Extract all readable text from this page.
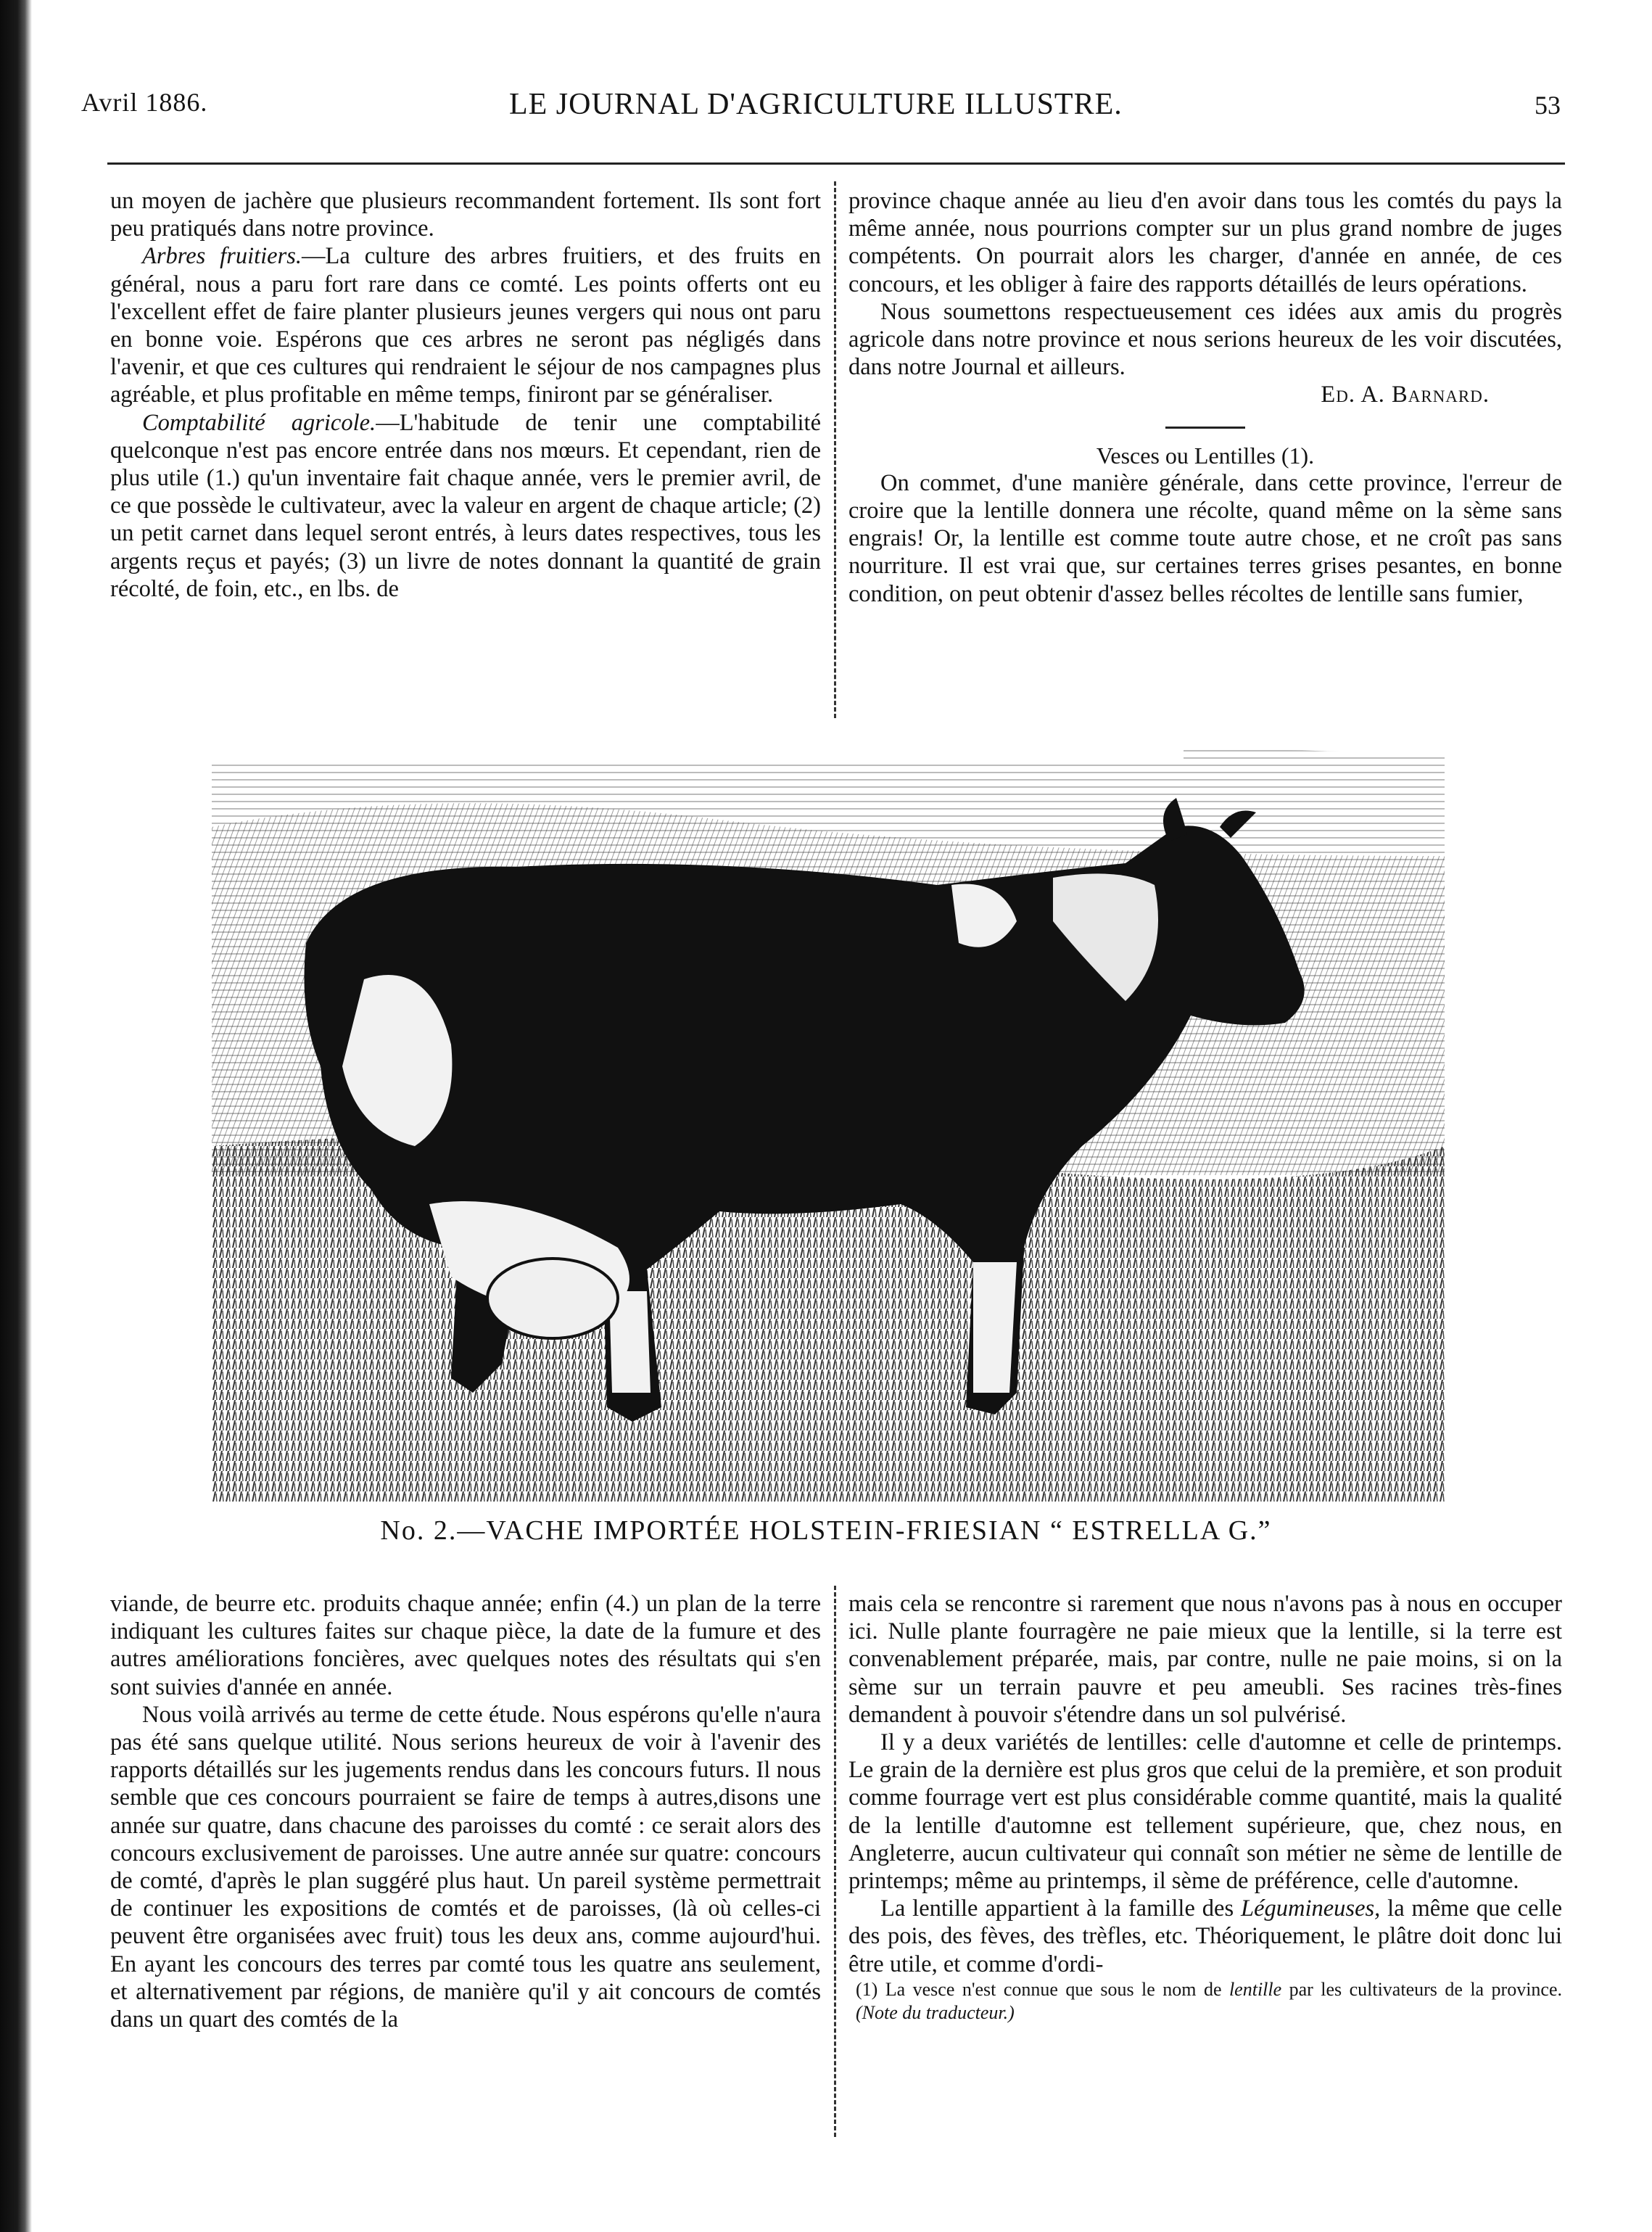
Avril 1886.	LE JOURNAL D'AGRICULTURE ILLUSTRE.	53

un moyen de jachère que plusieurs recommandent fortement. Ils sont fort peu pratiqués dans notre province.

Arbres fruitiers.—La culture des arbres fruitiers, et des fruits en général, nous a paru fort rare dans ce comté. Les points offerts ont eu l'excellent effet de faire planter plusieurs jeunes vergers qui nous ont paru en bonne voie. Espérons que ces arbres ne seront pas négligés dans l'avenir, et que ces cultures qui rendraient le séjour de nos campagnes plus agréable, et plus profitable en même temps, finiront par se généraliser.

Comptabilité agricole.—L'habitude de tenir une comptabilité quelconque n'est pas encore entrée dans nos mœurs. Et cependant, rien de plus utile (1.) qu'un inventaire fait chaque année, vers le premier avril, de ce que possède le cultivateur, avec la valeur en argent de chaque article; (2) un petit carnet dans lequel seront entrés, à leurs dates respectives, tous les argents reçus et payés; (3) un livre de notes donnant la quantité de grain récolté, de foin, etc., en lbs. de

province chaque année au lieu d'en avoir dans tous les comtés du pays la même année, nous pourrions compter sur un plus grand nombre de juges compétents. On pourrait alors les charger, d'année en année, de ces concours, et les obliger à faire des rapports détaillés de leurs opérations.

Nous soumettons respectueusement ces idées aux amis du progrès agricole dans notre province et nous serions heureux de les voir discutées, dans notre Journal et ailleurs.

Ed. A. Barnard.

Vesces ou Lentilles (1).

On commet, d'une manière générale, dans cette province, l'erreur de croire que la lentille donnera une récolte, quand même on la sème sans engrais! Or, la lentille est comme toute autre chose, et ne croît pas sans nourriture. Il est vrai que, sur certaines terres grises pesantes, en bonne condition, on peut obtenir d'assez belles récoltes de lentille sans fumier,

No. 2.—VACHE IMPORTÉE HOLSTEIN-FRIESIAN “ ESTRELLA G.”

viande, de beurre etc. produits chaque année; enfin (4.) un plan de la terre indiquant les cultures faites sur chaque pièce, la date de la fumure et des autres améliorations foncières, avec quelques notes des résultats qui s'en sont suivies d'année en année.

Nous voilà arrivés au terme de cette étude. Nous espérons qu'elle n'aura pas été sans quelque utilité. Nous serions heureux de voir à l'avenir des rapports détaillés sur les jugements rendus dans les concours futurs. Il nous semble que ces concours pourraient se faire de temps à autres,disons une année sur quatre, dans chacune des paroisses du comté : ce serait alors des concours exclusivement de paroisses. Une autre année sur quatre: concours de comté, d'après le plan suggéré plus haut. Un pareil système permettrait de continuer les expositions de comtés et de paroisses, (là où celles-ci peuvent être organisées avec fruit) tous les deux ans, comme aujourd'hui. En ayant les concours des terres par comté tous les quatre ans seulement, et alternativement par régions, de manière qu'il y ait concours de comtés dans un quart des comtés de la

mais cela se rencontre si rarement que nous n'avons pas à nous en occuper ici. Nulle plante fourragère ne paie mieux que la lentille, si la terre est convenablement préparée, mais, par contre, nulle ne paie moins, si on la sème sur un terrain pauvre et peu ameubli. Ses racines très-fines demandent à pouvoir s'étendre dans un sol pulvérisé.

Il y a deux variétés de lentilles: celle d'automne et celle de printemps. Le grain de la dernière est plus gros que celui de la première, et son produit comme fourrage vert est plus considérable comme quantité, mais la qualité de la lentille d'automne est tellement supérieure, que, chez nous, en Angleterre, aucun cultivateur qui connaît son métier ne sème de lentille de printemps; même au printemps, il sème de préférence, celle d'automne.

La lentille appartient à la famille des Légumineuses, la même que celle des pois, des fèves, des trèfles, etc. Théoriquement, le plâtre doit donc lui être utile, et comme d'ordi-

(1) La vesce n'est connue que sous le nom de lentille par les cultivateurs de la province. (Note du traducteur.)
